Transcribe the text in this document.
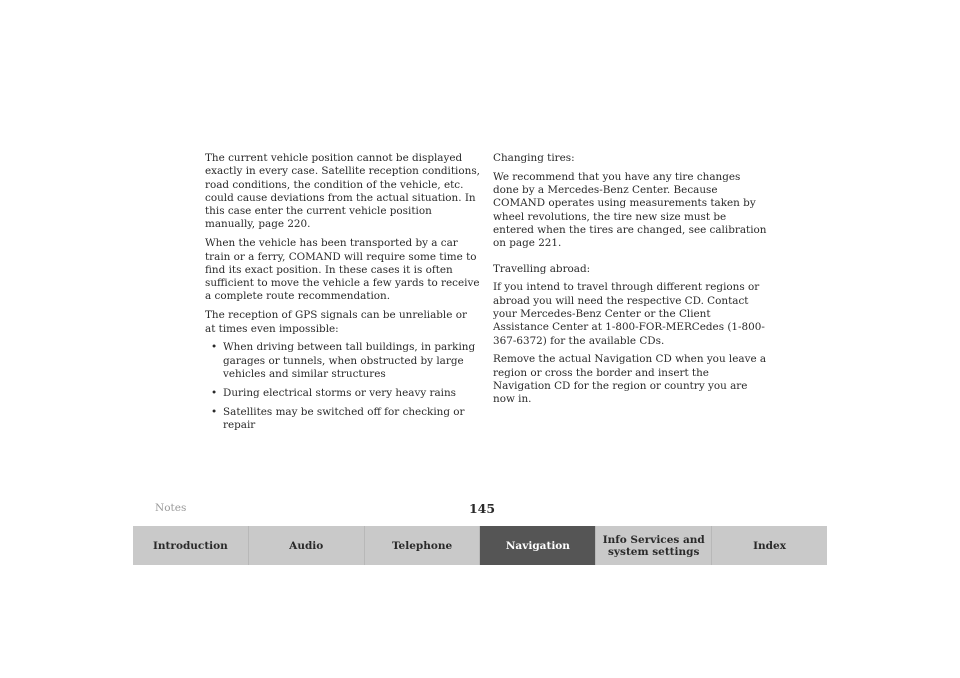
The current vehicle position cannot be displayed exactly in every case. Satellite reception conditions, road conditions, the condition of the vehicle, etc. could cause deviations from the actual situation. In this case enter the current vehicle position manually, page 220.

When the vehicle has been transported by a car train or a ferry, COMAND will require some time to find its exact position. In these cases it is often sufficient to move the vehicle a few yards to receive a complete route recommendation.

The reception of GPS signals can be unreliable or at times even impossible:

• When driving between tall buildings, in parking garages or tunnels, when obstructed by large vehicles and similar structures
• During electrical storms or very heavy rains
• Satellites may be switched off for checking or repair

Changing tires:

We recommend that you have any tire changes done by a Mercedes-Benz Center. Because COMAND operates using measurements taken by wheel revolutions, the tire new size must be entered when the tires are changed, see calibration on page 221.

Travelling abroad:

If you intend to travel through different regions or abroad you will need the respective CD. Contact your Mercedes-Benz Center or the Client Assistance Center at 1-800-FOR-MERCedes (1-800-367-6372) for the available CDs.

Remove the actual Navigation CD when you leave a region or cross the border and insert the Navigation CD for the region or country you are now in.

Notes	145
Introduction	Audio	Telephone	Navigation	Info Services and
system settings	Index
